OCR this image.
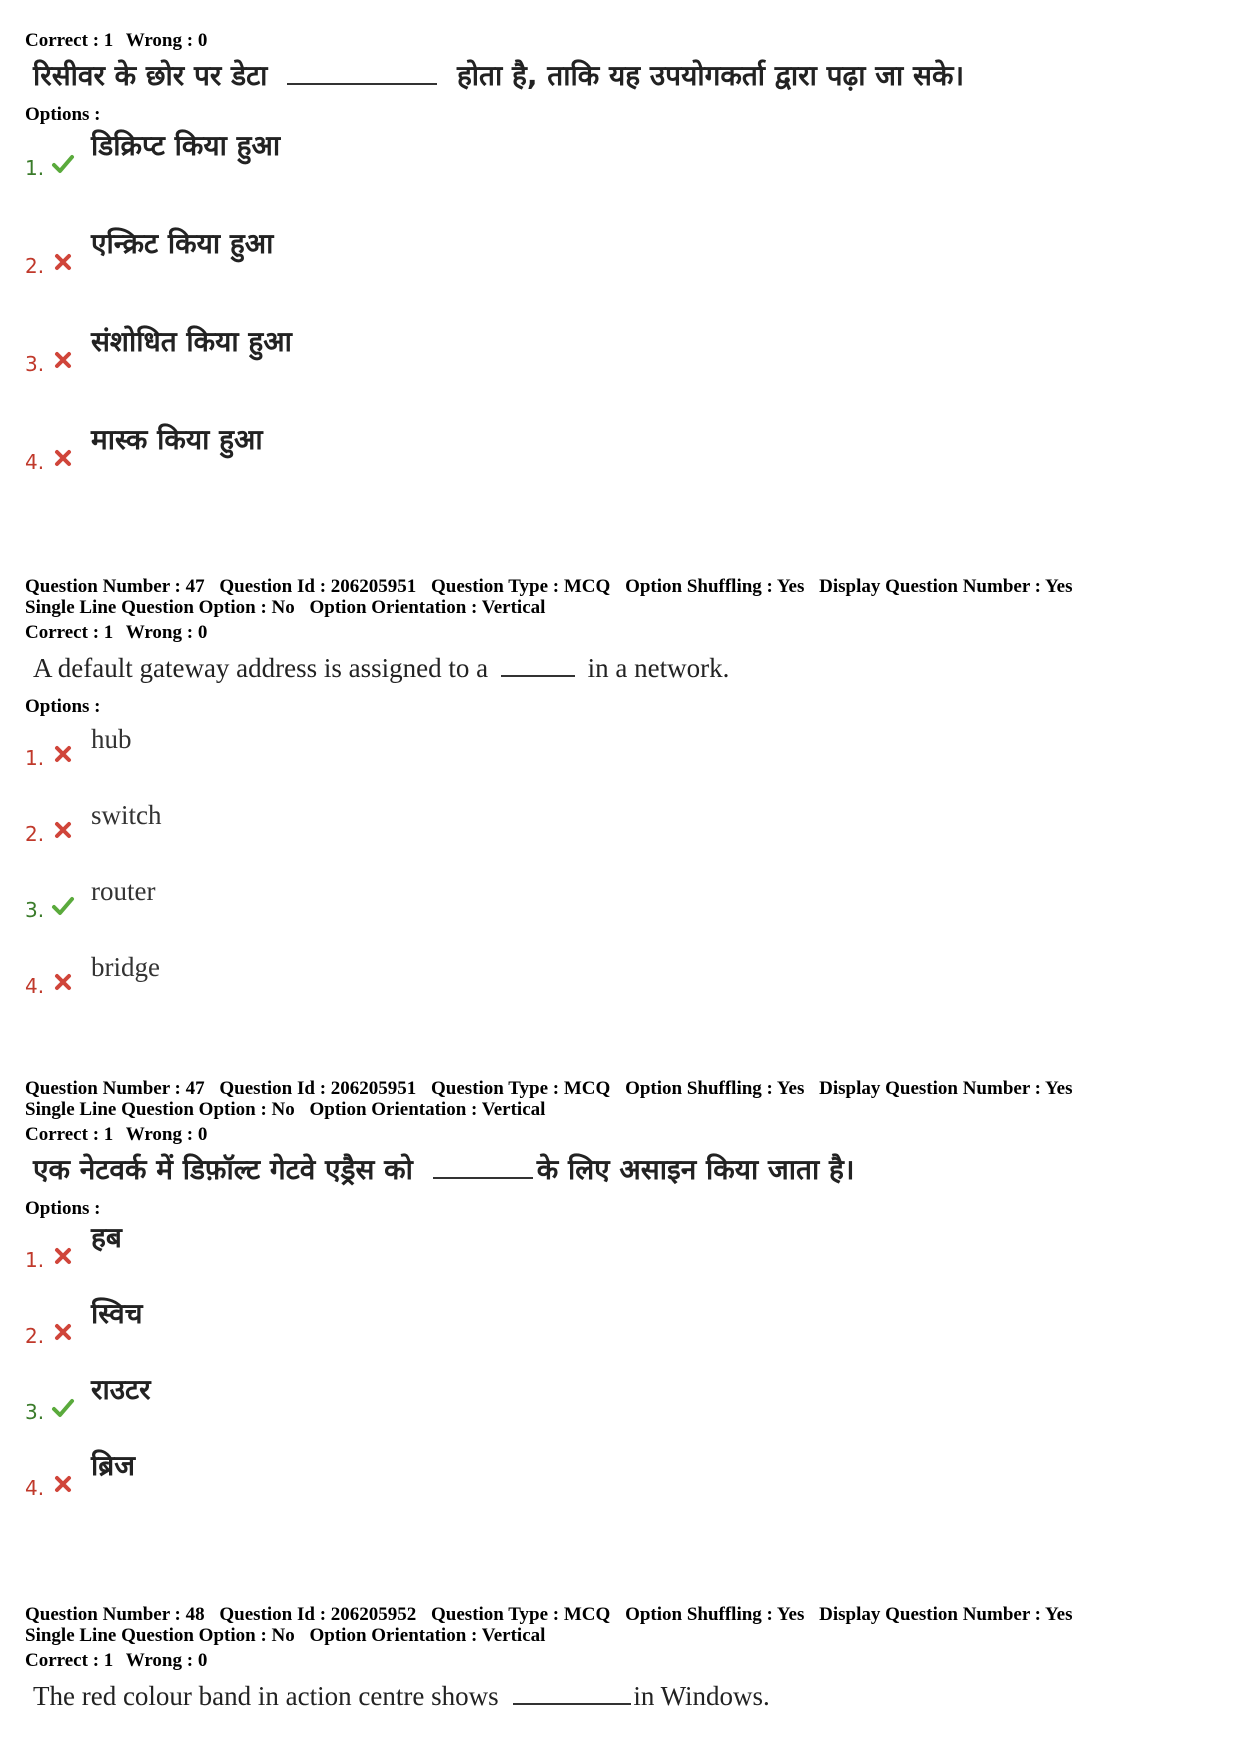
Correct : 1 Wrong : 0
रिसीवर के छोर पर डेटा	होता है, ताकि यह उपयोगकर्ता द्वारा पढ़ा जा सके।
Options :
1.
डिक्रिप्ट किया हुआ
2.
एन्क्रिट किया हुआ
3.
संशोधित किया हुआ
4.
मास्क किया हुआ
Question Number : 47 Question Id : 206205951 Question Type : MCQ Option Shuffling : Yes Display Question Number : Yes
Single Line Question Option : No Option Orientation : Vertical
Correct : 1 Wrong : 0
A default gateway address is assigned to a	in a network.
Options :
1.
hub
2.
switch
3.
router
4.
bridge
Question Number : 47 Question Id : 206205951 Question Type : MCQ Option Shuffling : Yes Display Question Number : Yes
Single Line Question Option : No Option Orientation : Vertical
Correct : 1 Wrong : 0
एक नेटवर्क में डिफ़ॉल्ट गेटवे एड्रैस को	के लिए असाइन किया जाता है।
Options :
1.
हब
2.
स्विच
3.
राउटर
4.
ब्रिज
Question Number : 48 Question Id : 206205952 Question Type : MCQ Option Shuffling : Yes Display Question Number : Yes
Single Line Question Option : No Option Orientation : Vertical
Correct : 1 Wrong : 0
The red colour band in action centre shows	in Windows.
